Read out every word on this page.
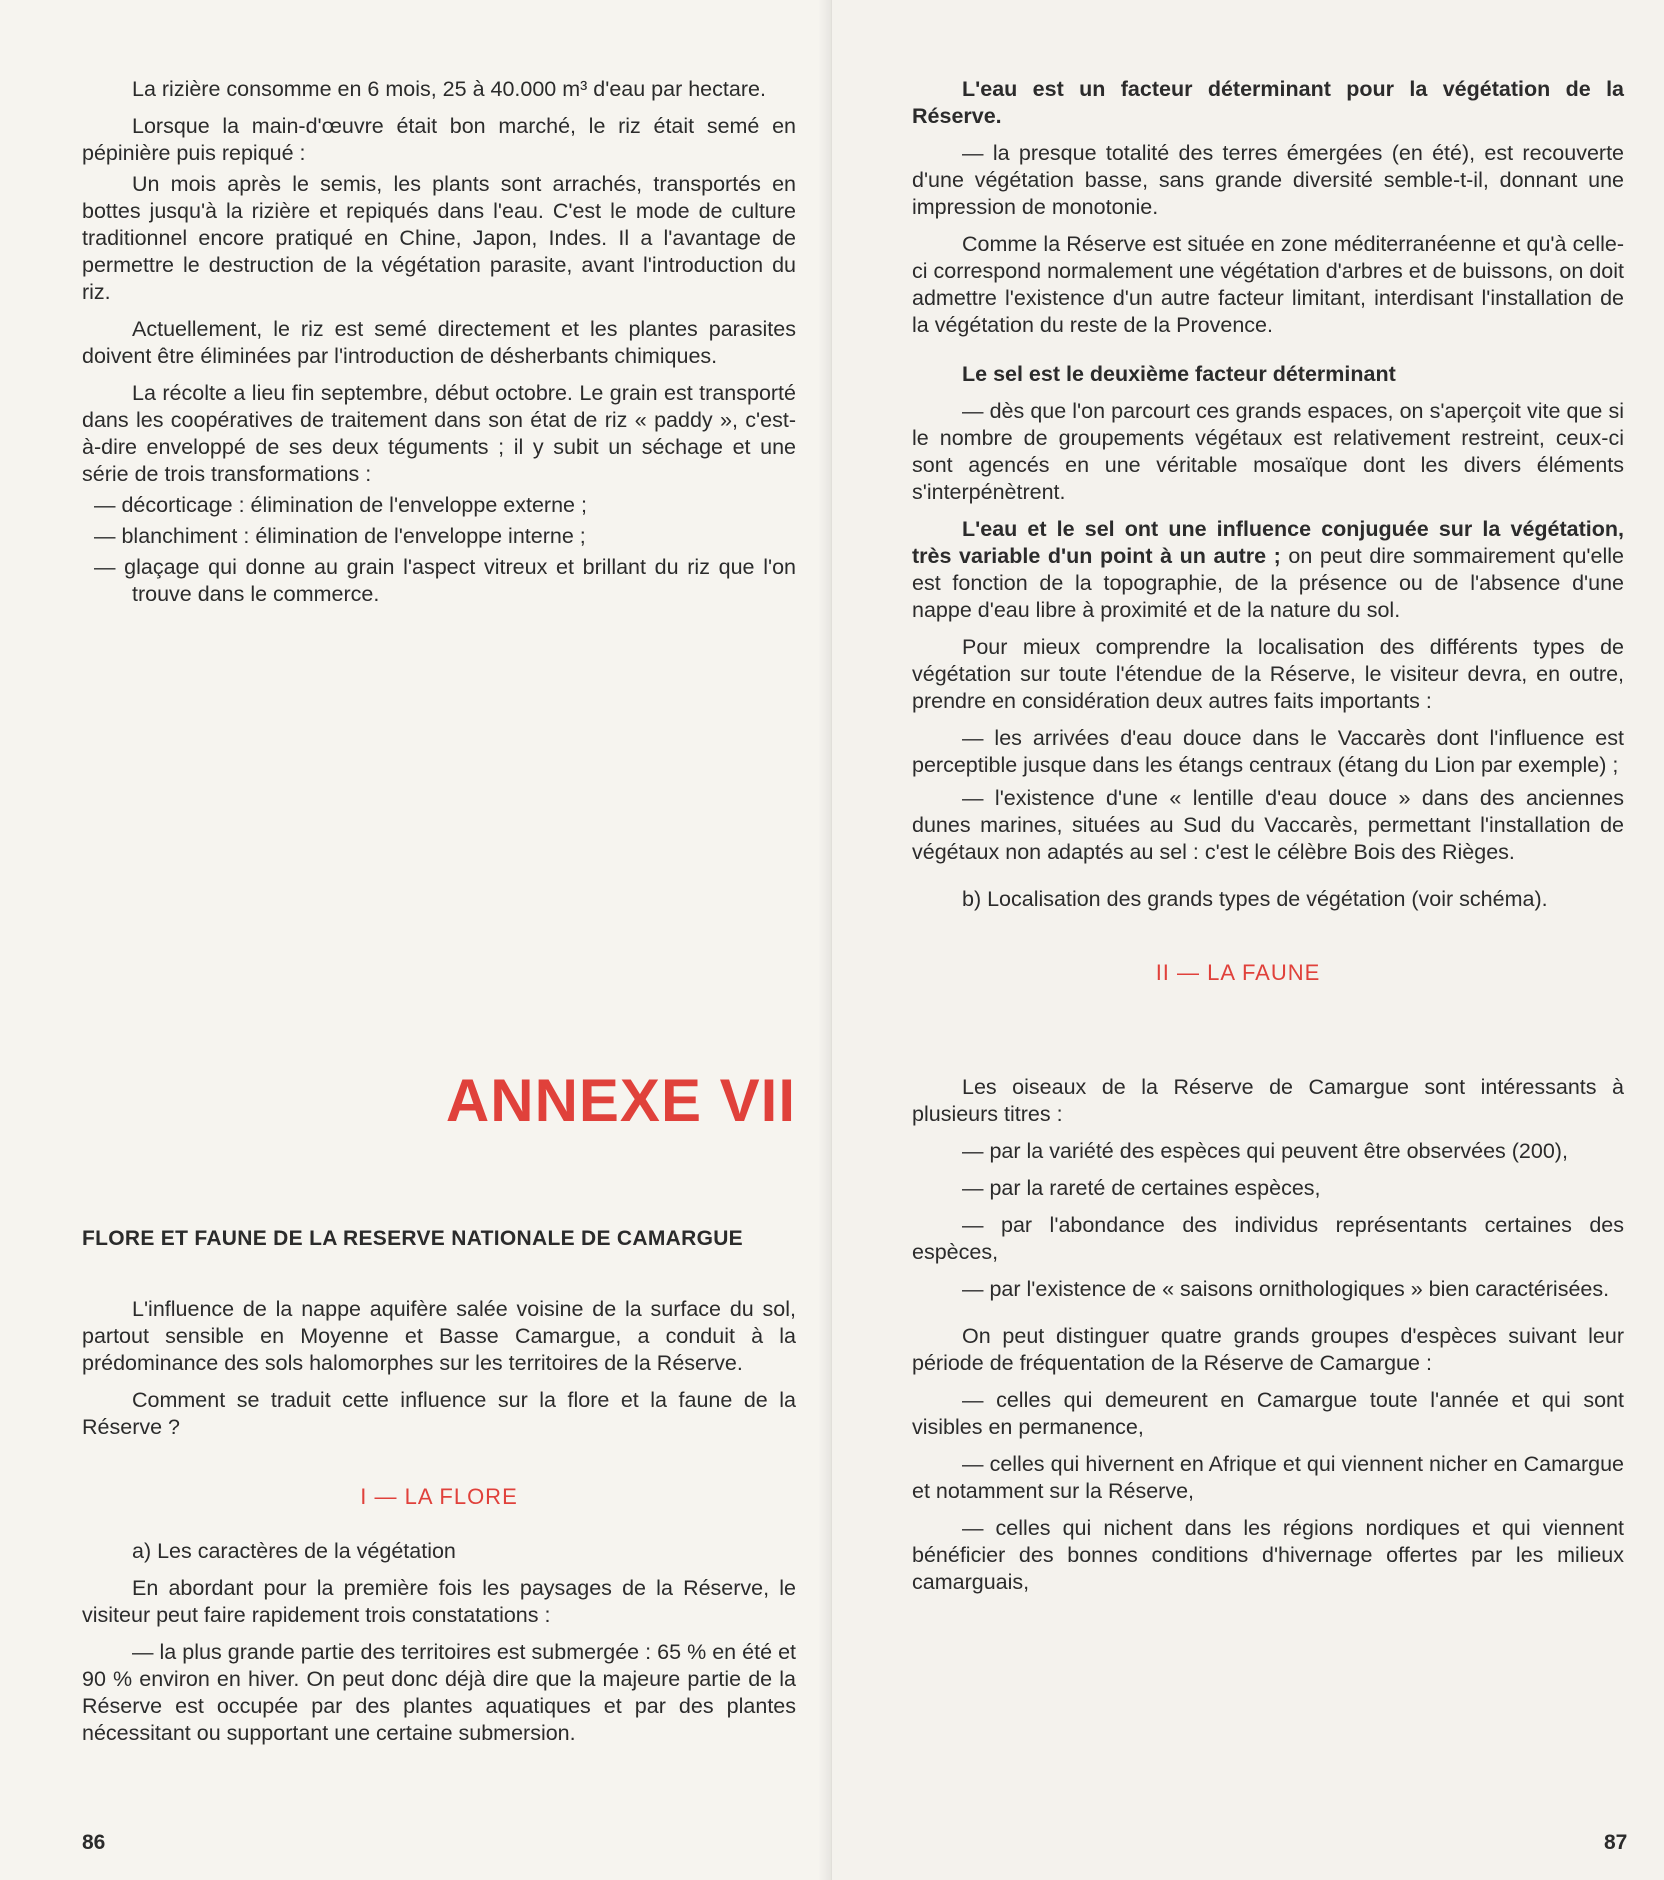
La rizière consomme en 6 mois, 25 à 40.000 m³ d'eau par hectare.

Lorsque la main-d'œuvre était bon marché, le riz était semé en pépinière puis repiqué :

Un mois après le semis, les plants sont arrachés, transportés en bottes jusqu'à la rizière et repiqués dans l'eau. C'est le mode de culture traditionnel encore pratiqué en Chine, Japon, Indes. Il a l'avantage de permettre le destruction de la végétation parasite, avant l'introduction du riz.

Actuellement, le riz est semé directement et les plantes parasites doivent être éliminées par l'introduction de désherbants chimiques.

La récolte a lieu fin septembre, début octobre. Le grain est transporté dans les coopératives de traitement dans son état de riz « paddy », c'est-à-dire enveloppé de ses deux téguments ; il y subit un séchage et une série de trois transformations :

— décorticage : élimination de l'enveloppe externe ;

— blanchiment : élimination de l'enveloppe interne ;

— glaçage qui donne au grain l'aspect vitreux et brillant du riz que l'on trouve dans le commerce.

ANNEXE VII

FLORE ET FAUNE DE LA RESERVE NATIONALE DE CAMARGUE

L'influence de la nappe aquifère salée voisine de la surface du sol, partout sensible en Moyenne et Basse Camargue, a conduit à la prédominance des sols halomorphes sur les territoires de la Réserve.

Comment se traduit cette influence sur la flore et la faune de la Réserve ?

I — LA FLORE

a) Les caractères de la végétation

En abordant pour la première fois les paysages de la Réserve, le visiteur peut faire rapidement trois constatations :

— la plus grande partie des territoires est submergée : 65 % en été et 90 % environ en hiver. On peut donc déjà dire que la majeure partie de la Réserve est occupée par des plantes aquatiques et par des plantes nécessitant ou supportant une certaine submersion.

86

L'eau est un facteur déterminant pour la végétation de la Réserve.

— la presque totalité des terres émergées (en été), est recouverte d'une végétation basse, sans grande diversité semble-t-il, donnant une impression de monotonie.

Comme la Réserve est située en zone méditerranéenne et qu'à celle-ci correspond normalement une végétation d'arbres et de buissons, on doit admettre l'existence d'un autre facteur limitant, interdisant l'installation de la végétation du reste de la Provence.

Le sel est le deuxième facteur déterminant

— dès que l'on parcourt ces grands espaces, on s'aperçoit vite que si le nombre de groupements végétaux est relativement restreint, ceux-ci sont agencés en une véritable mosaïque dont les divers éléments s'interpénètrent.

L'eau et le sel ont une influence conjuguée sur la végétation, très variable d'un point à un autre ; on peut dire sommairement qu'elle est fonction de la topographie, de la présence ou de l'absence d'une nappe d'eau libre à proximité et de la nature du sol.

Pour mieux comprendre la localisation des différents types de végétation sur toute l'étendue de la Réserve, le visiteur devra, en outre, prendre en considération deux autres faits importants :

— les arrivées d'eau douce dans le Vaccarès dont l'influence est perceptible jusque dans les étangs centraux (étang du Lion par exemple) ;

— l'existence d'une « lentille d'eau douce » dans des anciennes dunes marines, situées au Sud du Vaccarès, permettant l'installation de végétaux non adaptés au sel : c'est le célèbre Bois des Rièges.

b) Localisation des grands types de végétation (voir schéma).

II — LA FAUNE

Les oiseaux de la Réserve de Camargue sont intéressants à plusieurs titres :

— par la variété des espèces qui peuvent être observées (200),

— par la rareté de certaines espèces,

— par l'abondance des individus représentants certaines des espèces,

— par l'existence de « saisons ornithologiques » bien caractérisées.

On peut distinguer quatre grands groupes d'espèces suivant leur période de fréquentation de la Réserve de Camargue :

— celles qui demeurent en Camargue toute l'année et qui sont visibles en permanence,

— celles qui hivernent en Afrique et qui viennent nicher en Camargue et notamment sur la Réserve,

— celles qui nichent dans les régions nordiques et qui viennent bénéficier des bonnes conditions d'hivernage offertes par les milieux camarguais,

87
